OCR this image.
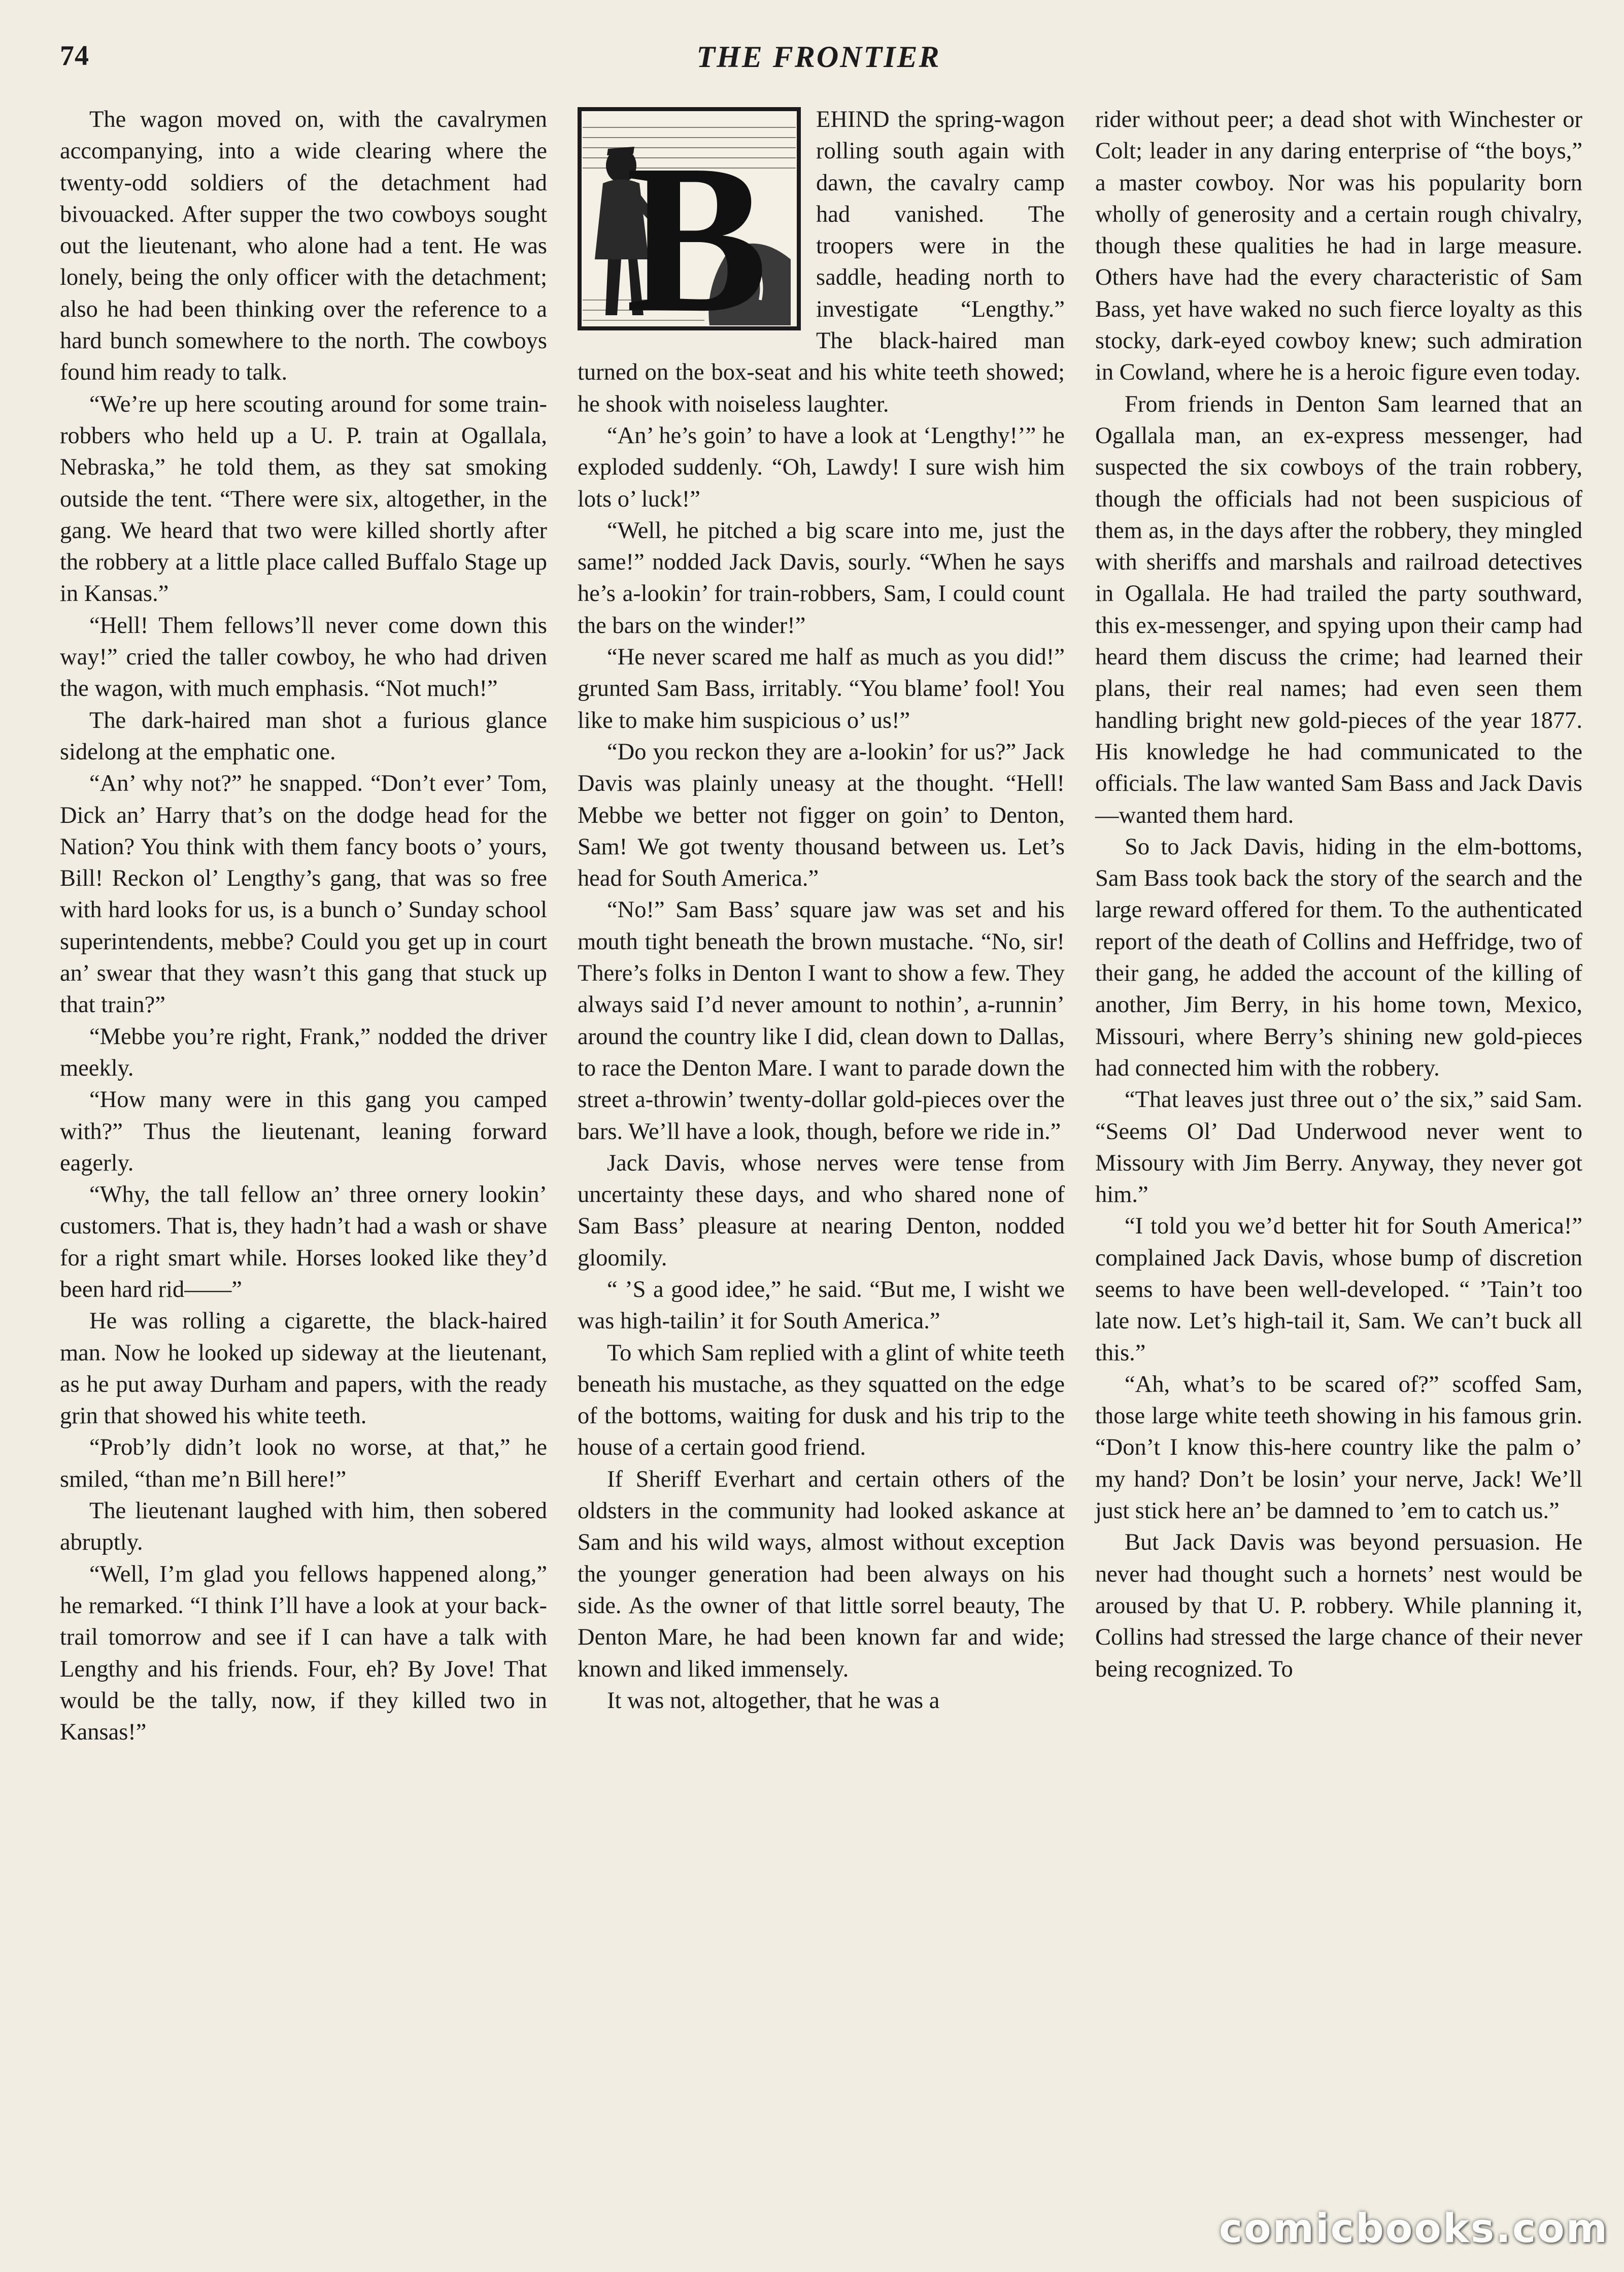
74	THE FRONTIER

The wagon moved on, with the cavalrymen accompanying, into a wide clearing where the twenty-odd soldiers of the detachment had bivouacked. After supper the two cowboys sought out the lieutenant, who alone had a tent. He was lonely, being the only officer with the detachment; also he had been thinking over the reference to a hard bunch somewhere to the north. The cowboys found him ready to talk.

“We’re up here scouting around for some train-robbers who held up a U. P. train at Ogallala, Nebraska,” he told them, as they sat smoking outside the tent. “There were six, altogether, in the gang. We heard that two were killed shortly after the robbery at a little place called Buffalo Stage up in Kansas.”

“Hell! Them fellows’ll never come down this way!” cried the taller cowboy, he who had driven the wagon, with much emphasis. “Not much!”

The dark-haired man shot a furious glance sidelong at the emphatic one.

“An’ why not?” he snapped. “Don’t ever’ Tom, Dick an’ Harry that’s on the dodge head for the Nation? You think with them fancy boots o’ yours, Bill! Reckon ol’ Lengthy’s gang, that was so free with hard looks for us, is a bunch o’ Sunday school superintendents, mebbe? Could you get up in court an’ swear that they wasn’t this gang that stuck up that train?”

“Mebbe you’re right, Frank,” nodded the driver meekly.

“How many were in this gang you camped with?” Thus the lieutenant, leaning forward eagerly.

“Why, the tall fellow an’ three ornery lookin’ customers. That is, they hadn’t had a wash or shave for a right smart while. Horses looked like they’d been hard rid——”

He was rolling a cigarette, the black-haired man. Now he looked up sideway at the lieutenant, as he put away Durham and papers, with the ready grin that showed his white teeth.

“Prob’ly didn’t look no worse, at that,” he smiled, “than me’n Bill here!”

The lieutenant laughed with him, then sobered abruptly.

“Well, I’m glad you fellows happened along,” he remarked. “I think I’ll have a look at your back-trail tomorrow and see if I can have a talk with Lengthy and his friends. Four, eh? By Jove! That would be the tally, now, if they killed two in Kansas!”

B

EHIND the spring-wagon rolling south again with dawn, the cavalry camp had vanished. The troopers were in the saddle, heading north to investigate “Lengthy.” The black-haired man turned on the box-seat and his white teeth showed; he shook with noiseless laughter.

“An’ he’s goin’ to have a look at ‘Lengthy!’” he exploded suddenly. “Oh, Lawdy! I sure wish him lots o’ luck!”

“Well, he pitched a big scare into me, just the same!” nodded Jack Davis, sourly. “When he says he’s a-lookin’ for train-robbers, Sam, I could count the bars on the winder!”

“He never scared me half as much as you did!” grunted Sam Bass, irritably. “You blame’ fool! You like to make him suspicious o’ us!”

“Do you reckon they are a-lookin’ for us?” Jack Davis was plainly uneasy at the thought. “Hell! Mebbe we better not figger on goin’ to Denton, Sam! We got twenty thousand between us. Let’s head for South America.”

“No!” Sam Bass’ square jaw was set and his mouth tight beneath the brown mustache. “No, sir! There’s folks in Denton I want to show a few. They always said I’d never amount to nothin’, a-runnin’ around the country like I did, clean down to Dallas, to race the Denton Mare. I want to parade down the street a-throwin’ twenty-dollar gold-pieces over the bars. We’ll have a look, though, before we ride in.”

Jack Davis, whose nerves were tense from uncertainty these days, and who shared none of Sam Bass’ pleasure at nearing Denton, nodded gloomily.

“ ’S a good idee,” he said. “But me, I wisht we was high-tailin’ it for South America.”

To which Sam replied with a glint of white teeth beneath his mustache, as they squatted on the edge of the bottoms, waiting for dusk and his trip to the house of a certain good friend.

If Sheriff Everhart and certain others of the oldsters in the community had looked askance at Sam and his wild ways, almost without exception the younger generation had been always on his side. As the owner of that little sorrel beauty, The Denton Mare, he had been known far and wide; known and liked immensely.

It was not, altogether, that he was a

rider without peer; a dead shot with Winchester or Colt; leader in any daring enterprise of “the boys,” a master cowboy. Nor was his popularity born wholly of generosity and a certain rough chivalry, though these qualities he had in large measure. Others have had the every characteristic of Sam Bass, yet have waked no such fierce loyalty as this stocky, dark-eyed cowboy knew; such admiration in Cowland, where he is a heroic figure even today.

From friends in Denton Sam learned that an Ogallala man, an ex-express messenger, had suspected the six cowboys of the train robbery, though the officials had not been suspicious of them as, in the days after the robbery, they mingled with sheriffs and marshals and railroad detectives in Ogallala. He had trailed the party southward, this ex-messenger, and spying upon their camp had heard them discuss the crime; had learned their plans, their real names; had even seen them handling bright new gold-pieces of the year 1877. His knowledge he had communicated to the officials. The law wanted Sam Bass and Jack Davis—wanted them hard.

So to Jack Davis, hiding in the elm-bottoms, Sam Bass took back the story of the search and the large reward offered for them. To the authenticated report of the death of Collins and Heffridge, two of their gang, he added the account of the killing of another, Jim Berry, in his home town, Mexico, Missouri, where Berry’s shining new gold-pieces had connected him with the robbery.

“That leaves just three out o’ the six,” said Sam. “Seems Ol’ Dad Underwood never went to Missoury with Jim Berry. Anyway, they never got him.”

“I told you we’d better hit for South America!” complained Jack Davis, whose bump of discretion seems to have been well-developed. “ ’Tain’t too late now. Let’s high-tail it, Sam. We can’t buck all this.”

“Ah, what’s to be scared of?” scoffed Sam, those large white teeth showing in his famous grin. “Don’t I know this-here country like the palm o’ my hand? Don’t be losin’ your nerve, Jack! We’ll just stick here an’ be damned to ’em to catch us.”

But Jack Davis was beyond persuasion. He never had thought such a hornets’ nest would be aroused by that U. P. robbery. While planning it, Collins had stressed the large chance of their never being recognized. To

comicbooks.com
